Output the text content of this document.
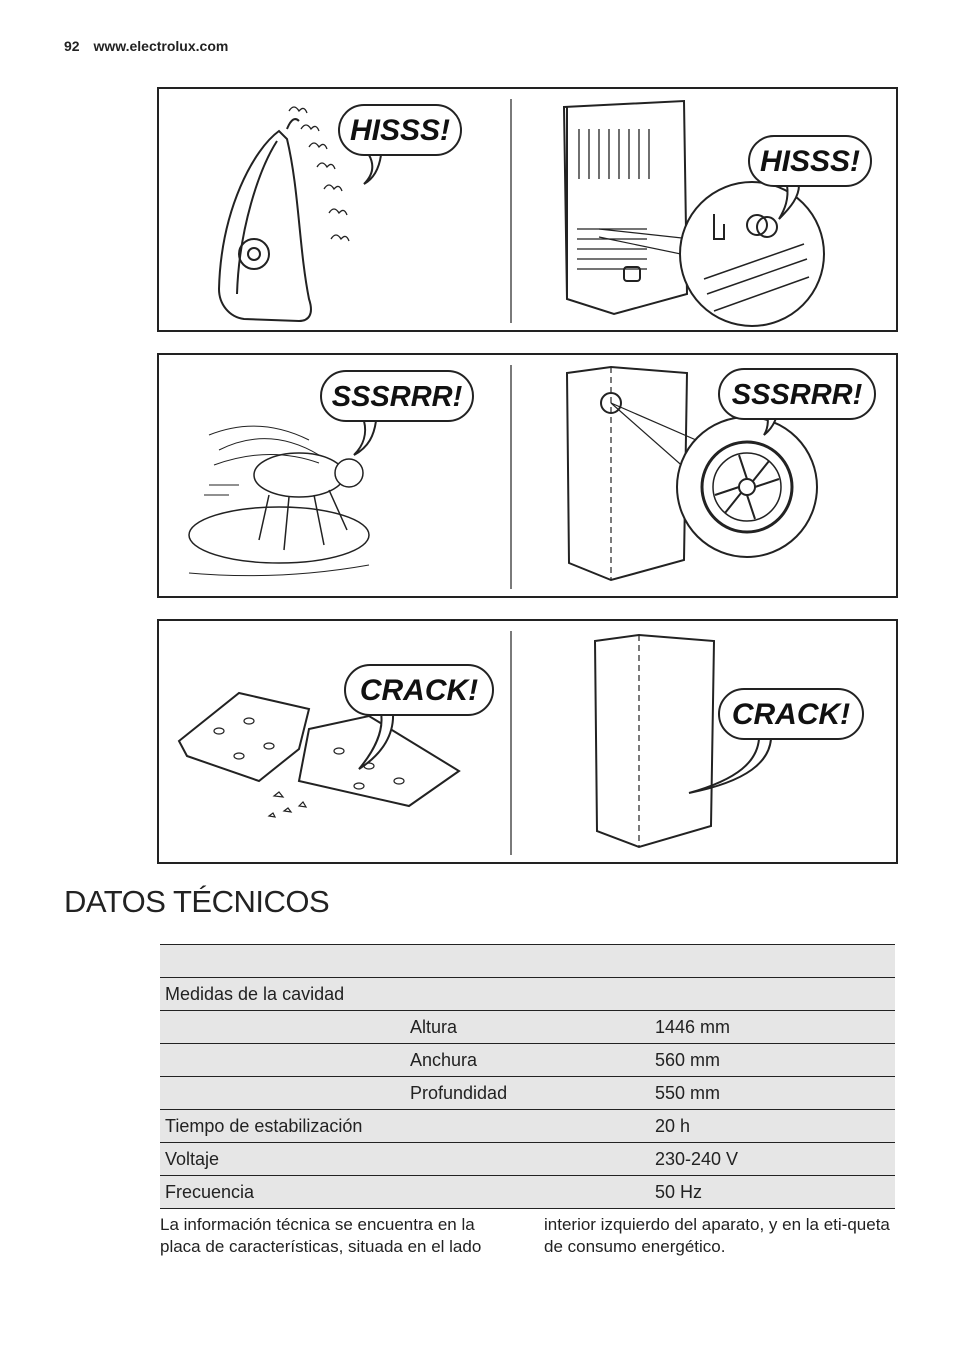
92 www.electrolux.com
HISSS!
HISSS!
SSSRRR!	SSSRRR!
CRACK!
CRACK!
DATOS TÉCNICOS

Medidas de la cavidad		
	Altura	1446 mm
	Anchura	560 mm
	Profundidad	550 mm
Tiempo de estabilización		20 h
Voltaje		230-240 V
Frecuencia		50 Hz
La información técnica se encuentra en la placa de características, situada en el lado
interior izquierdo del aparato, y en la eti-queta de consumo energético.
